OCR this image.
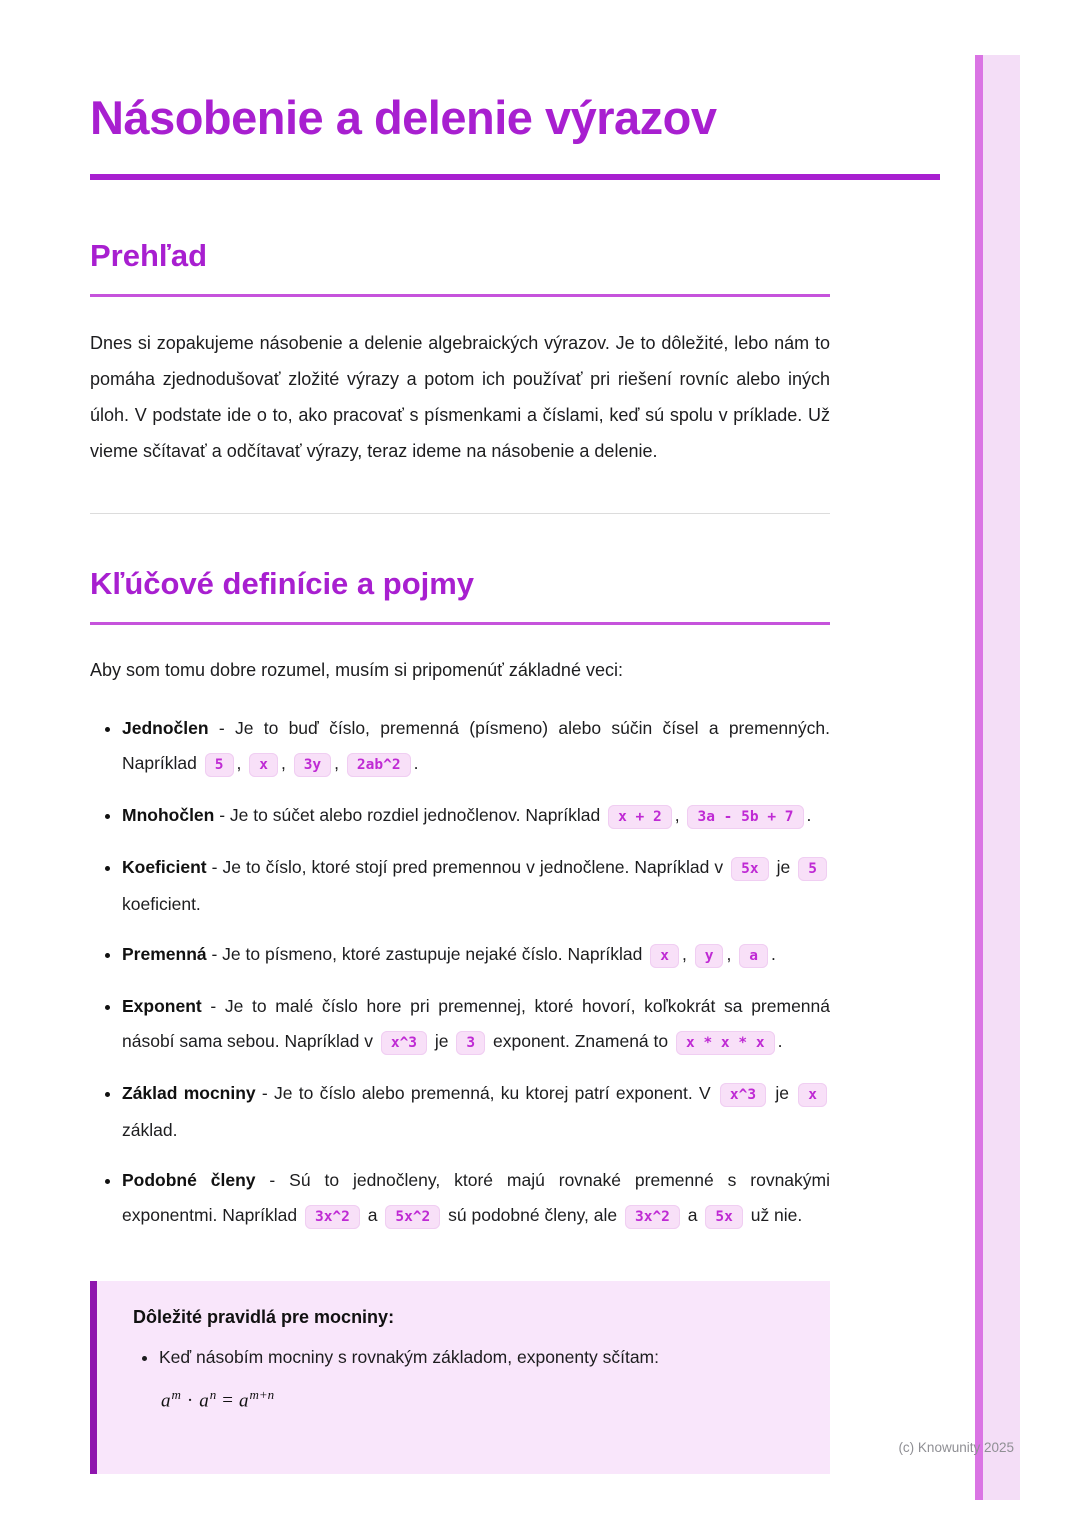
Násobenie a delenie výrazov
Prehľad

Dnes si zopakujeme násobenie a delenie algebraických výrazov. Je to dôležité, lebo nám to pomáha zjednodušovať zložité výrazy a potom ich používať pri riešení rovníc alebo iných úloh. V podstate ide o to, ako pracovať s písmenkami a číslami, keď sú spolu v príklade. Už vieme sčítavať a odčítavať výrazy, teraz ideme na násobenie a delenie.

Kľúčové definície a pojmy

Aby som tomu dobre rozumel, musím si pripomenúť základné veci:

• Jednočlen - Je to buď číslo, premenná (písmeno) alebo súčin čísel a premenných. Napríklad 5 , x , 3y , 2ab^2 .
• Mnohočlen - Je to súčet alebo rozdiel jednočlenov. Napríklad x + 2 , 3a - 5b + 7 .
• Koeficient - Je to číslo, ktoré stojí pred premennou v jednočlene. Napríklad v 5x je 5 koeficient.
• Premenná - Je to písmeno, ktoré zastupuje nejaké číslo. Napríklad x , y , a .
• Exponent - Je to malé číslo hore pri premennej, ktoré hovorí, koľkokrát sa premenná násobí sama sebou. Napríklad v x^3 je 3 exponent. Znamená to x * x * x .
• Základ mocniny - Je to číslo alebo premenná, ku ktorej patrí exponent. V x^3 je x základ.
• Podobné členy - Sú to jednočleny, ktoré majú rovnaké premenné s rovnakými exponentmi. Napríklad 3x^2 a 5x^2 sú podobné členy, ale 3x^2 a 5x už nie.

Dôležité pravidlá pre mocniny:

• Keď násobím mocniny s rovnakým základom, exponenty sčítam:
$a^m \cdot a^n = a^{m+n}$
(c) Knowunity 2025
